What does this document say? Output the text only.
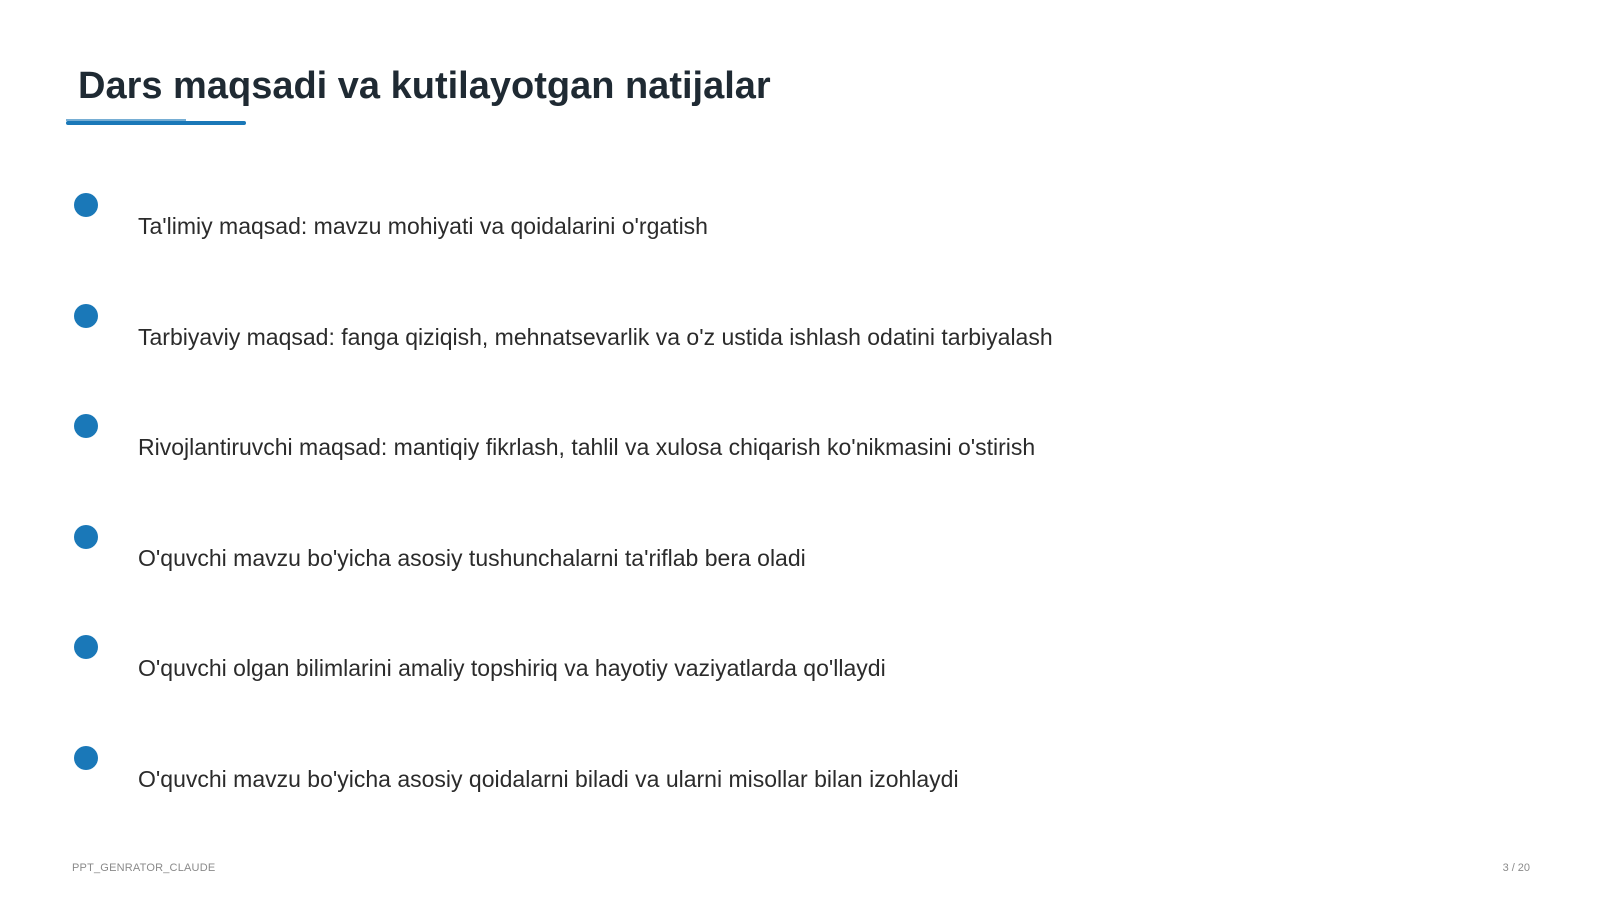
Dars maqsadi va kutilayotgan natijalar
Ta'limiy maqsad: mavzu mohiyati va qoidalarini o'rgatish
Tarbiyaviy maqsad: fanga qiziqish, mehnatsevarlik va o'z ustida ishlash odatini tarbiyalash
Rivojlantiruvchi maqsad: mantiqiy fikrlash, tahlil va xulosa chiqarish ko'nikmasini o'stirish
O'quvchi mavzu bo'yicha asosiy tushunchalarni ta'riflab bera oladi
O'quvchi olgan bilimlarini amaliy topshiriq va hayotiy vaziyatlarda qo'llaydi
O'quvchi mavzu bo'yicha asosiy qoidalarni biladi va ularni misollar bilan izohlaydi
PPT_GENRATOR_CLAUDE	3 / 20
